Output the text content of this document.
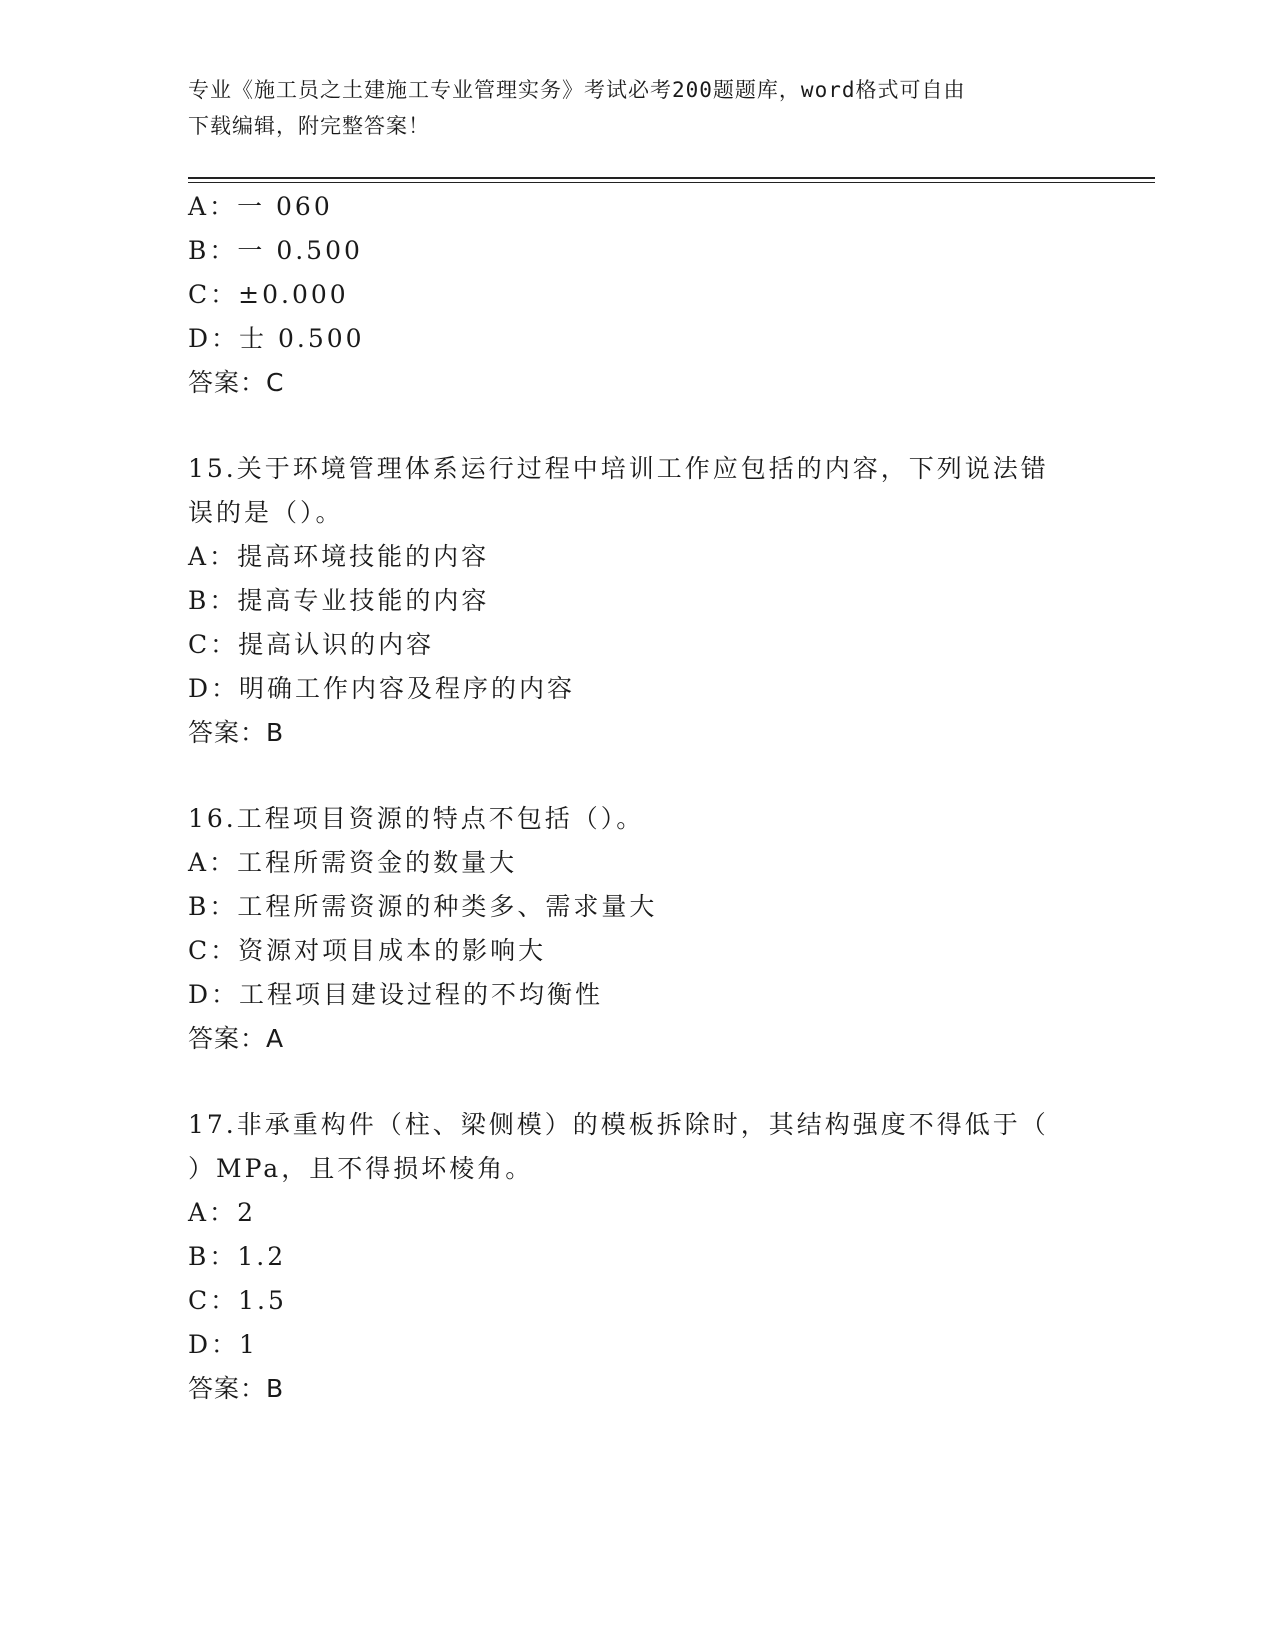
专业《施工员之土建施工专业管理实务》考试必考200题题库，word格式可自由
下载编辑，附完整答案！
A：一 060
B：一 0.500
C：±0.000
D：士 0.500
答案：C
15.关于环境管理体系运行过程中培训工作应包括的内容，下列说法错
误的是（）。
A：提高环境技能的内容
B：提高专业技能的内容
C：提高认识的内容
D：明确工作内容及程序的内容
答案：B
16.工程项目资源的特点不包括（）。
A：工程所需资金的数量大
B：工程所需资源的种类多、需求量大
C：资源对项目成本的影响大
D：工程项目建设过程的不均衡性
答案：A
17.非承重构件（柱、梁侧模）的模板拆除时，其结构强度不得低于（
）MPa，且不得损坏棱角。
A：2
B：1.2
C：1.5
D：1
答案：B
